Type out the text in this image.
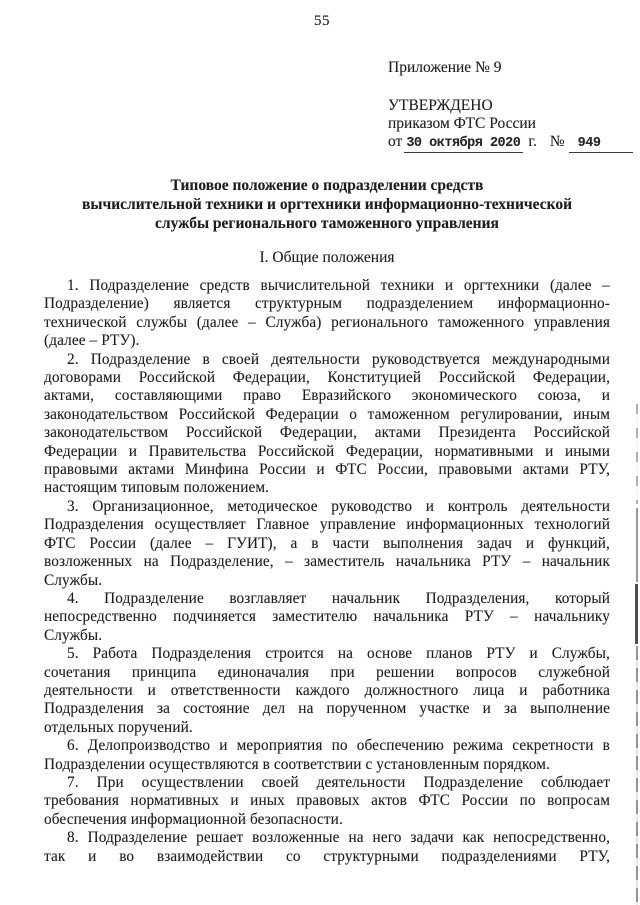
55
Приложение № 9
УТВЕРЖДЕНО
приказом ФТС России
от 30 октября 2020 г. № 949
Типовое положение о подразделении средств
вычислительной техники и оргтехники информационно-технической
службы регионального таможенного управления
I. Общие положения
1. Подразделение средств вычислительной техники и оргтехники (далее –
Подразделение) является структурным подразделением информационно-
технической службы (далее – Служба) регионального таможенного управления
(далее – РТУ).
2. Подразделение в своей деятельности руководствуется международными
договорами Российской Федерации, Конституцией Российской Федерации,
актами, составляющими право Евразийского экономического союза, и
законодательством Российской Федерации о таможенном регулировании, иным
законодательством Российской Федерации, актами Президента Российской
Федерации и Правительства Российской Федерации, нормативными и иными
правовыми актами Минфина России и ФТС России, правовыми актами РТУ,
настоящим типовым положением.
3. Организационное, методическое руководство и контроль деятельности
Подразделения осуществляет Главное управление информационных технологий
ФТС России (далее – ГУИТ), а в части выполнения задач и функций,
возложенных на Подразделение, – заместитель начальника РТУ – начальник
Службы.
4. Подразделение возглавляет начальник Подразделения, который
непосредственно подчиняется заместителю начальника РТУ – начальнику
Службы.
5. Работа Подразделения строится на основе планов РТУ и Службы,
сочетания принципа единоначалия при решении вопросов служебной
деятельности и ответственности каждого должностного лица и работника
Подразделения за состояние дел на порученном участке и за выполнение
отдельных поручений.
6. Делопроизводство и мероприятия по обеспечению режима секретности в
Подразделении осуществляются в соответствии с установленным порядком.
7. При осуществлении своей деятельности Подразделение соблюдает
требования нормативных и иных правовых актов ФТС России по вопросам
обеспечения информационной безопасности.
8. Подразделение решает возложенные на него задачи как непосредственно,
так и во взаимодействии со структурными подразделениями РТУ,
